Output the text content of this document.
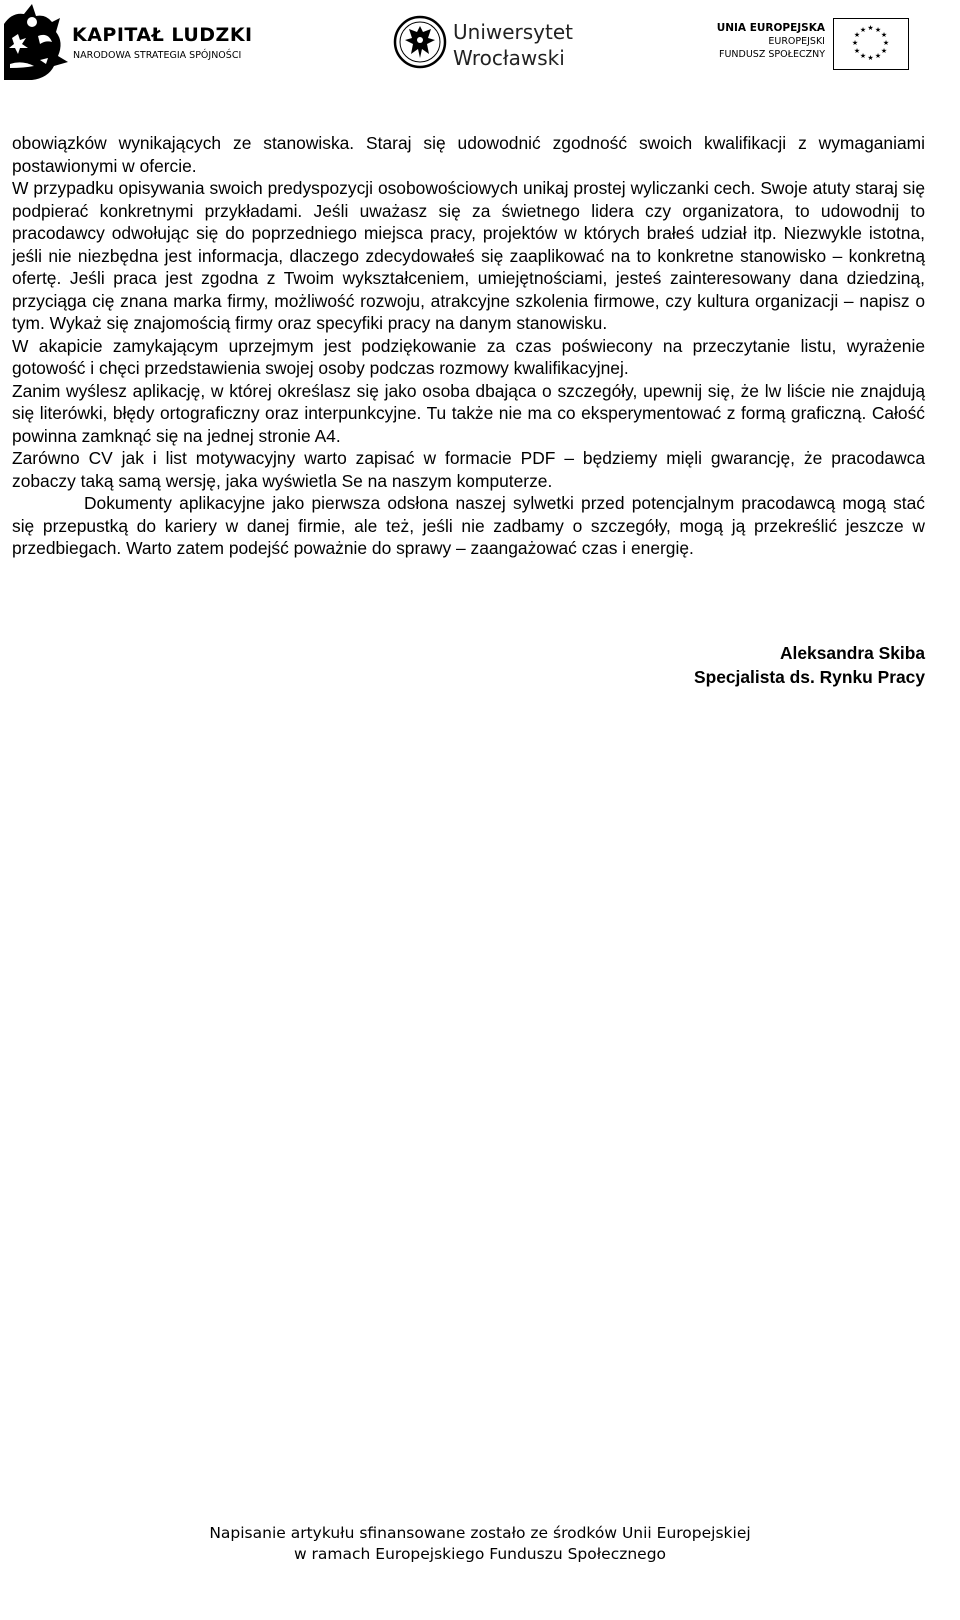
KAPITAŁ LUDZKI
NARODOWA STRATEGIA SPÓJNOŚCI
Uniwersytet
Wrocławski
UNIA EUROPEJSKA
EUROPEJSKI
FUNDUSZ SPOŁECZNY
★ ★
★
★
★
★
★
★
★
★
★
★

obowiązków wynikających ze stanowiska. Staraj się udowodnić zgodność swoich kwalifikacji z wymaganiami postawionymi w ofercie.

W przypadku opisywania swoich predyspozycji osobowościowych unikaj prostej wyliczanki cech. Swoje atuty staraj się podpierać konkretnymi przykładami. Jeśli uważasz się za świetnego lidera czy organizatora, to udowodnij to pracodawcy odwołując się do poprzedniego miejsca pracy, projektów w których brałeś udział itp. Niezwykle istotna, jeśli nie niezbędna jest informacja, dlaczego zdecydowałeś się zaaplikować na to konkretne stanowisko – konkretną ofertę. Jeśli praca jest zgodna z Twoim wykształceniem, umiejętnościami, jesteś zainteresowany dana dziedziną, przyciąga cię znana marka firmy, możliwość rozwoju, atrakcyjne szkolenia firmowe, czy kultura organizacji – napisz o tym. Wykaż się znajomością firmy oraz specyfiki pracy na danym stanowisku.

W akapicie zamykającym uprzejmym jest podziękowanie za czas poświecony na przeczytanie listu, wyrażenie gotowość i chęci przedstawienia swojej osoby podczas rozmowy kwalifikacyjnej.

Zanim wyślesz aplikację, w której określasz się jako osoba dbająca o szczegóły, upewnij się, że lw liście nie znajdują się literówki, błędy ortograficzny oraz interpunkcyjne. Tu także nie ma co eksperymentować z formą graficzną. Całość powinna zamknąć się na jednej stronie A4.

Zarówno CV jak i list motywacyjny warto zapisać w formacie PDF – będziemy mięli gwarancję, że pracodawca zobaczy taką samą wersję, jaka wyświetla Se na naszym komputerze.

Dokumenty aplikacyjne jako pierwsza odsłona naszej sylwetki przed potencjalnym pracodawcą mogą stać się przepustką do kariery w danej firmie, ale też, jeśli nie zadbamy o szczegóły, mogą ją przekreślić jeszcze w przedbiegach. Warto zatem podejść poważnie do sprawy – zaangażować czas i energię.

Aleksandra Skiba
Specjalista ds. Rynku Pracy
Napisanie artykułu sfinansowane zostało ze środków Unii Europejskiej
w ramach Europejskiego Funduszu Społecznego
